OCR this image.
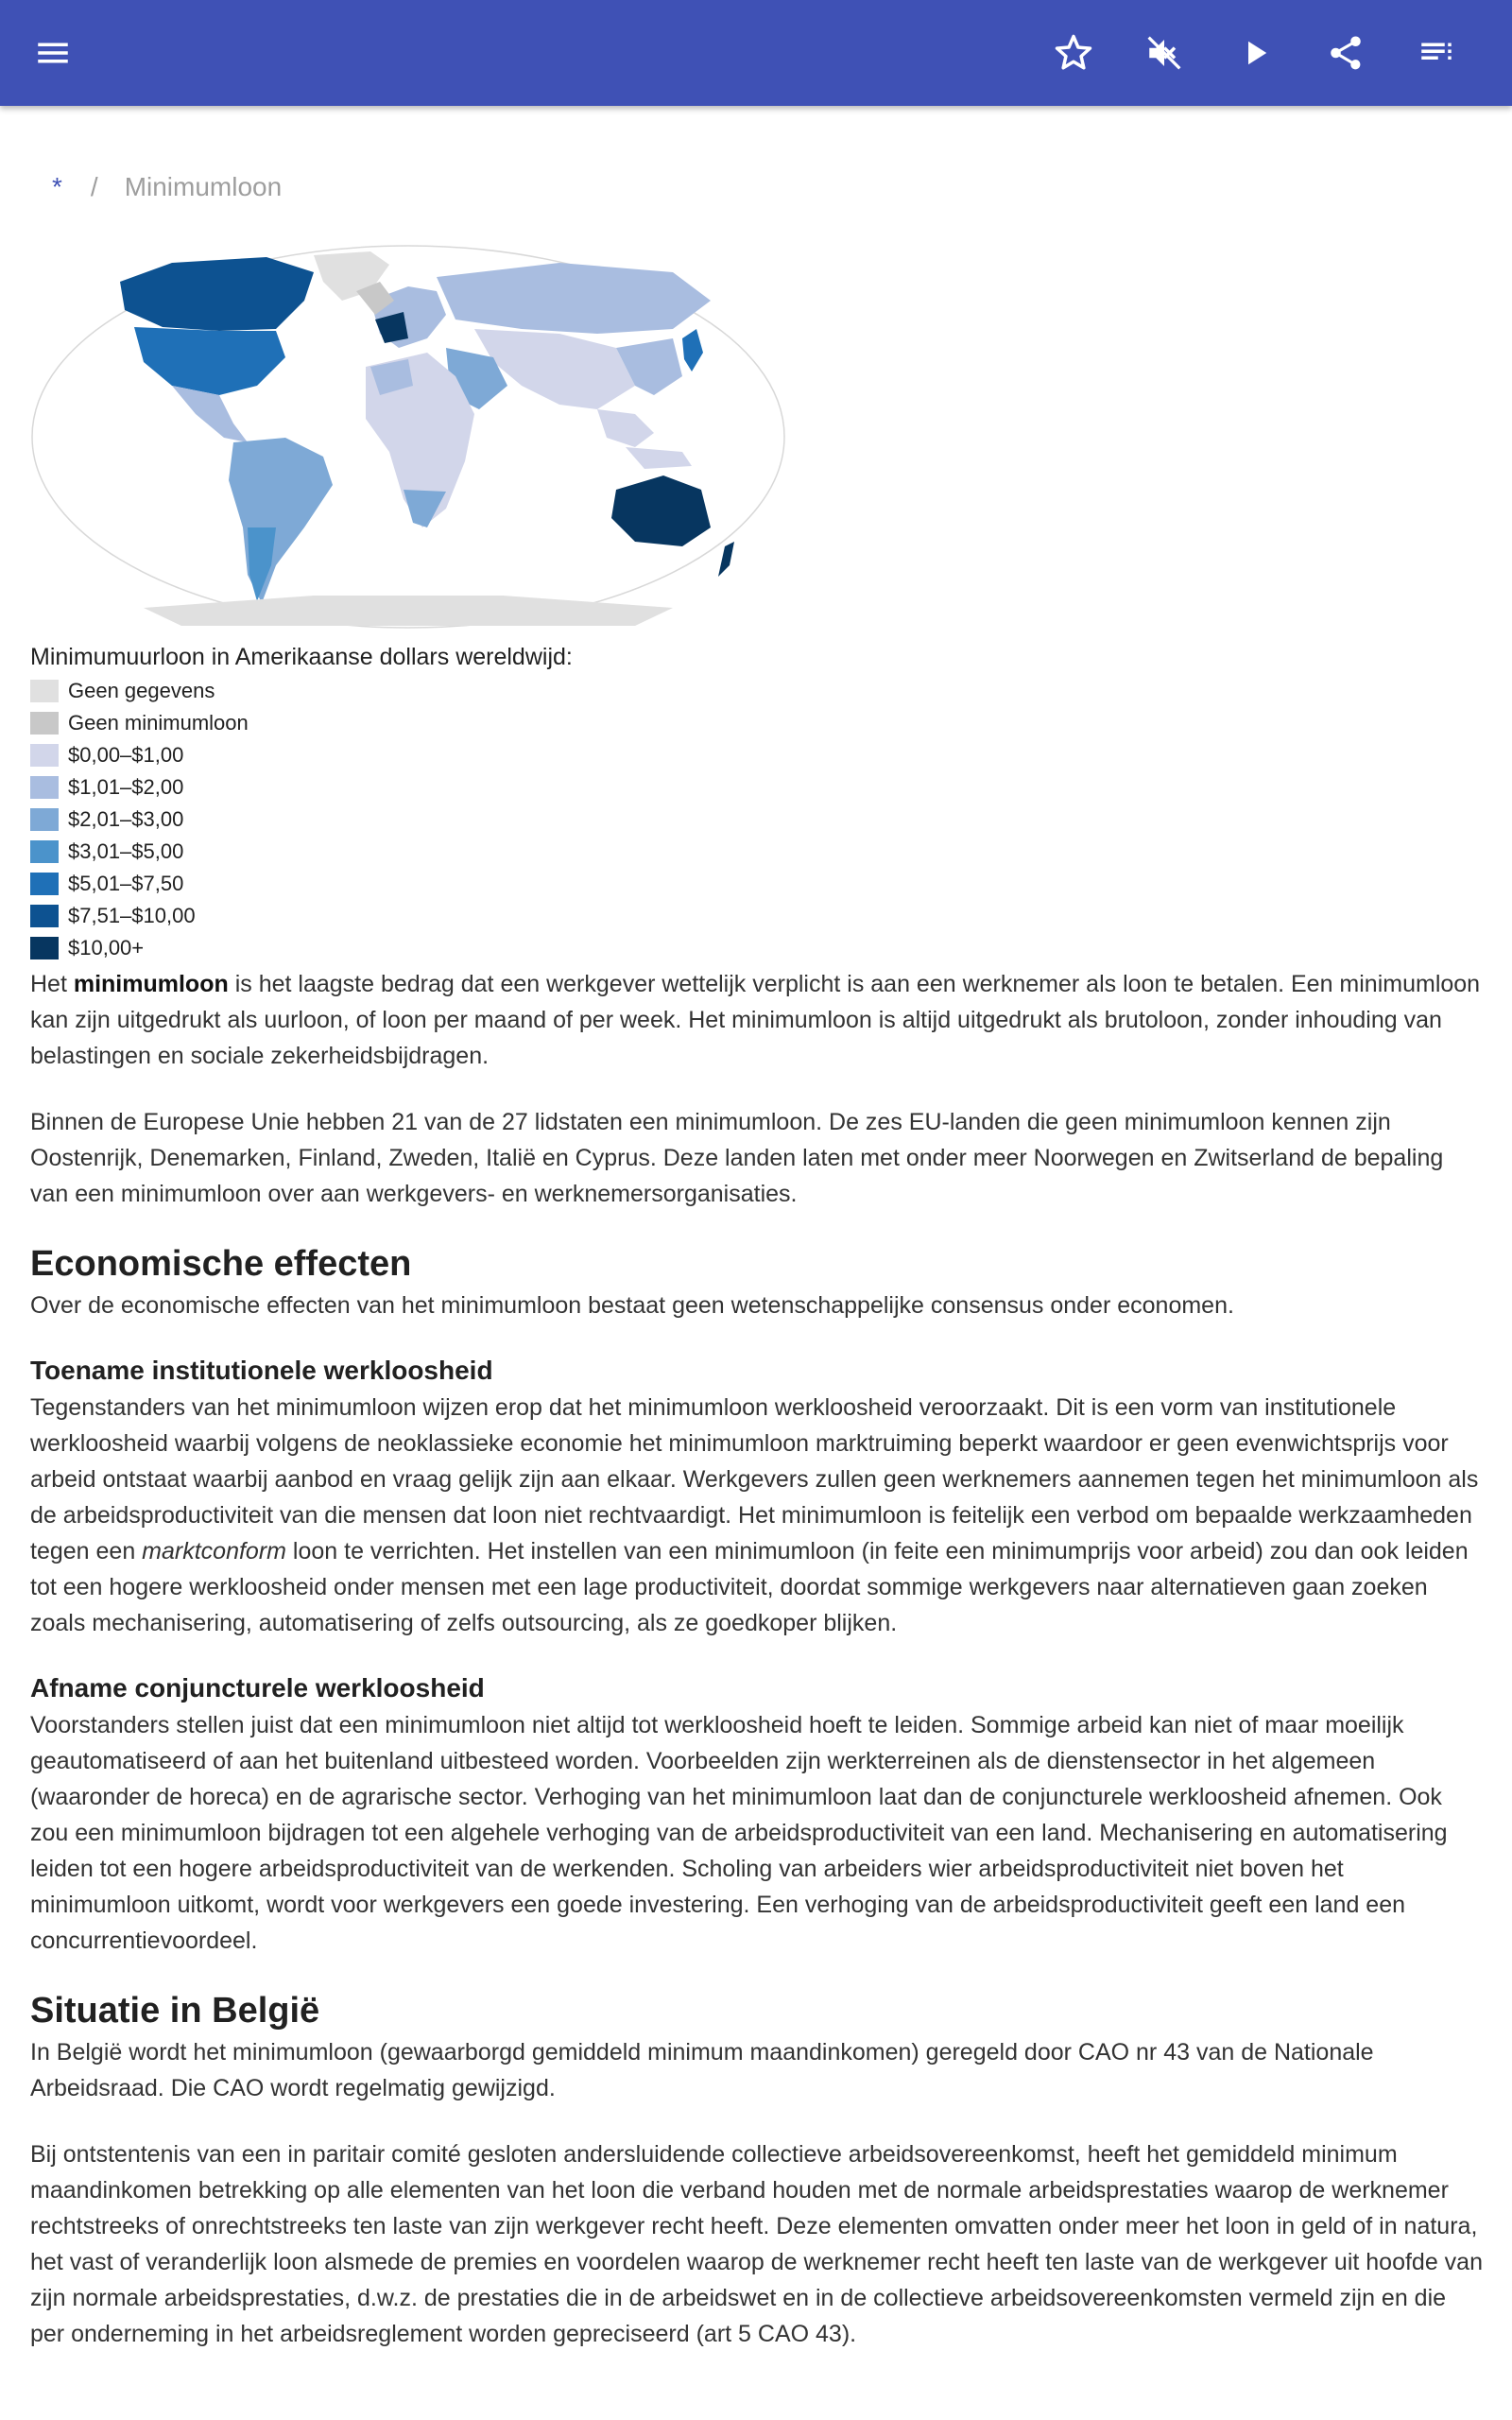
* / Minimumloon
Minimumuurloon in Amerikaanse dollars wereldwijd:
Geen gegevens
Geen minimumloon
$0,00–$1,00
$1,01–$2,00
$2,01–$3,00
$3,01–$5,00
$5,01–$7,50
$7,51–$10,00
$10,00+

Het minimumloon is het laagste bedrag dat een werkgever wettelijk verplicht is aan een werknemer als loon te betalen. Een minimumloon kan zijn uitgedrukt als uurloon, of loon per maand of per week. Het minimumloon is altijd uitgedrukt als brutoloon, zonder inhouding van belastingen en sociale zekerheidsbijdragen.

Binnen de Europese Unie hebben 21 van de 27 lidstaten een minimumloon. De zes EU-landen die geen minimumloon kennen zijn Oostenrijk, Denemarken, Finland, Zweden, Italië en Cyprus. Deze landen laten met onder meer Noorwegen en Zwitserland de bepaling van een minimumloon over aan werkgevers- en werknemersorganisaties.

Economische effecten

Over de economische effecten van het minimumloon bestaat geen wetenschappelijke consensus onder economen.

Toename institutionele werkloosheid

Tegenstanders van het minimumloon wijzen erop dat het minimumloon werkloosheid veroorzaakt. Dit is een vorm van institutionele werkloosheid waarbij volgens de neoklassieke economie het minimumloon marktruiming beperkt waardoor er geen evenwichtsprijs voor arbeid ontstaat waarbij aanbod en vraag gelijk zijn aan elkaar. Werkgevers zullen geen werknemers aannemen tegen het minimumloon als de arbeidsproductiviteit van die mensen dat loon niet rechtvaardigt. Het minimumloon is feitelijk een verbod om bepaalde werkzaamheden tegen een marktconform loon te verrichten. Het instellen van een minimumloon (in feite een minimumprijs voor arbeid) zou dan ook leiden tot een hogere werkloosheid onder mensen met een lage productiviteit, doordat sommige werkgevers naar alternatieven gaan zoeken zoals mechanisering, automatisering of zelfs outsourcing, als ze goedkoper blijken.

Afname conjuncturele werkloosheid

Voorstanders stellen juist dat een minimumloon niet altijd tot werkloosheid hoeft te leiden. Sommige arbeid kan niet of maar moeilijk geautomatiseerd of aan het buitenland uitbesteed worden. Voorbeelden zijn werkterreinen als de dienstensector in het algemeen (waaronder de horeca) en de agrarische sector. Verhoging van het minimumloon laat dan de conjuncturele werkloosheid afnemen. Ook zou een minimumloon bijdragen tot een algehele verhoging van de arbeidsproductiviteit van een land. Mechanisering en automatisering leiden tot een hogere arbeidsproductiviteit van de werkenden. Scholing van arbeiders wier arbeidsproductiviteit niet boven het minimumloon uitkomt, wordt voor werkgevers een goede investering. Een verhoging van de arbeidsproductiviteit geeft een land een concurrentievoordeel.

Situatie in België

In België wordt het minimumloon (gewaarborgd gemiddeld minimum maandinkomen) geregeld door CAO nr 43 van de Nationale Arbeidsraad. Die CAO wordt regelmatig gewijzigd.

Bij ontstentenis van een in paritair comité gesloten andersluidende collectieve arbeidsovereenkomst, heeft het gemiddeld minimum maandinkomen betrekking op alle elementen van het loon die verband houden met de normale arbeidsprestaties waarop de werknemer rechtstreeks of onrechtstreeks ten laste van zijn werkgever recht heeft. Deze elementen omvatten onder meer het loon in geld of in natura, het vast of veranderlijk loon alsmede de premies en voordelen waarop de werknemer recht heeft ten laste van de werkgever uit hoofde van zijn normale arbeidsprestaties, d.w.z. de prestaties die in de arbeidswet en in de collectieve arbeidsovereenkomsten vermeld zijn en die per onderneming in het arbeidsreglement worden gepreciseerd (art 5 CAO 43).
